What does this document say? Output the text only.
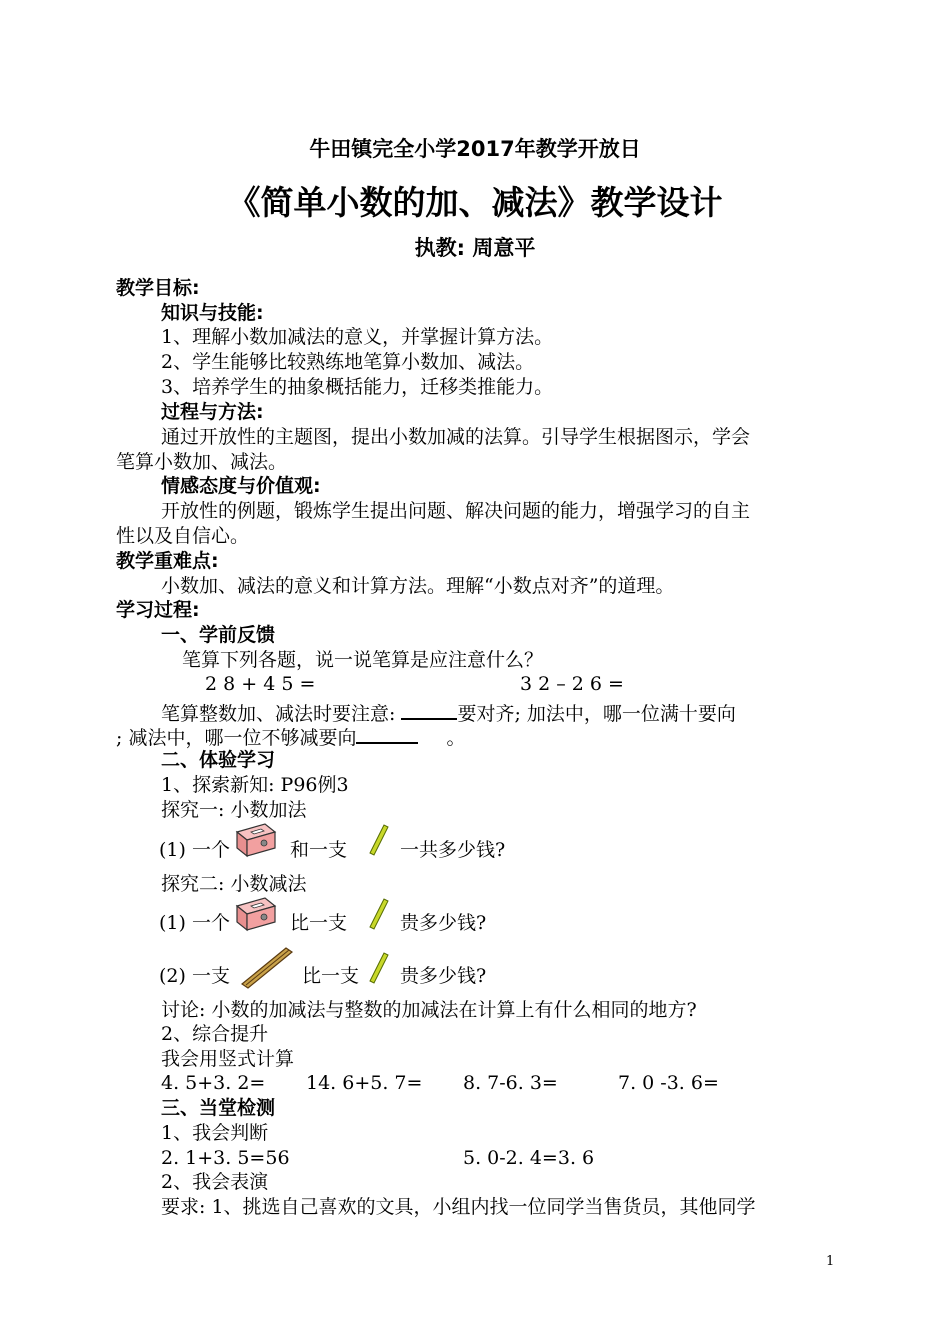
牛田镇完全小学2017年教学开放日
《简单小数的加、减法》教学设计
执教: 周意平
教学目标:
知识与技能:
1、理解小数加减法的意义，并掌握计算方法。
2、学生能够比较熟练地笔算小数加、减法。
3、培养学生的抽象概括能力，迁移类推能力。
过程与方法:
通过开放性的主题图，提出小数加减的法算。引导学生根据图示，学会
笔算小数加、减法。
情感态度与价值观:
开放性的例题，锻炼学生提出问题、解决问题的能力，增强学习的自主
性以及自信心。
教学重难点:
小数加、减法的意义和计算方法。理解“小数点对齐”的道理。
学习过程:
一、学前反馈
笔算下列各题，说一说笔算是应注意什么？
2 8 + 4 5 =	3 2 – 2 6 =
笔算整数加、减法时要注意:	要对齐; 加法中，哪一位满十要向
; 减法中，哪一位不够减要向	。
二、体验学习
1、探索新知: P96例3
探究一: 小数加法
(1) 一个	和一支	一共多少钱?
探究二: 小数减法
(1) 一个	比一支	贵多少钱?
(2) 一支	比一支 贵多少钱?
讨论: 小数的加减法与整数的加减法在计算上有什么相同的地方?
2、综合提升
我会用竖式计算
4. 5+3. 2= 14. 6+5. 7= 8. 7-6. 3=	7. 0 -3. 6=
三、当堂检测
1、我会判断
2. 1+3. 5=56	5. 0-2. 4=3. 6
2、我会表演
要求: 1、挑选自己喜欢的文具，小组内找一位同学当售货员，其他同学
1
